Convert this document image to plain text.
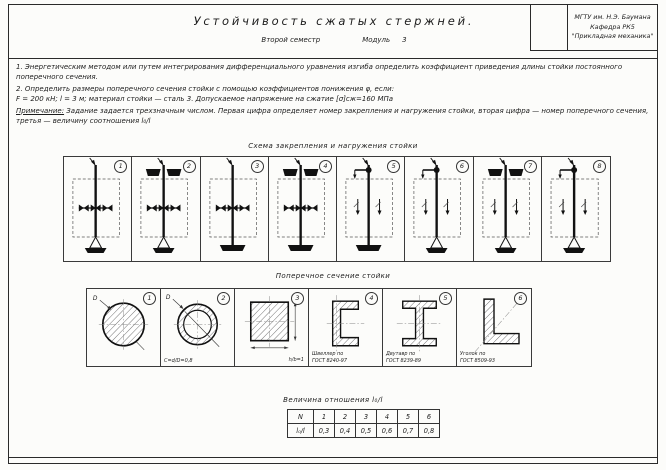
МГТУ им. Н.Э. Баумана
Кафедра РК5
"Прикладная механика"
Устойчивость сжатых стержней.
Второй семестр	Модуль 3

1. Энергетическим методом или путем интегрирования дифференциального уравнения изгиба определить коэффициент приведения длины стойки постоянного поперечного сечения.

2. Определить размеры поперечного сечения стойки с помощью коэффициентов понижения φ, если:

F = 200 кН; l = 3 м; материал стойки — сталь 3. Допускаемое напряжение на сжатие [σ]сж=160 МПа

Примечание: Задание задается трехзначным числом. Первая цифра определяет номер закрепления и нагружения стойки, вторая цифра — номер поперечного сечения, третья — величину соотношения l₀/l

Схема закрепления и нагружения стойки
1	2	3	4	5	6	7	8
Поперечное сечение стойки
D	1	D	2
C=d/D=0,8
3
h/b=1
4
Швеллер по
ГОСТ 8240-97
5
Двутавр по
ГОСТ 8239-89
6
Уголок по
ГОСТ 8509-93
Величина отношения l₀/l
N	1	2	3	4	5	6
l₀/l	0,3	0,4	0,5	0,6	0,7	0,8
